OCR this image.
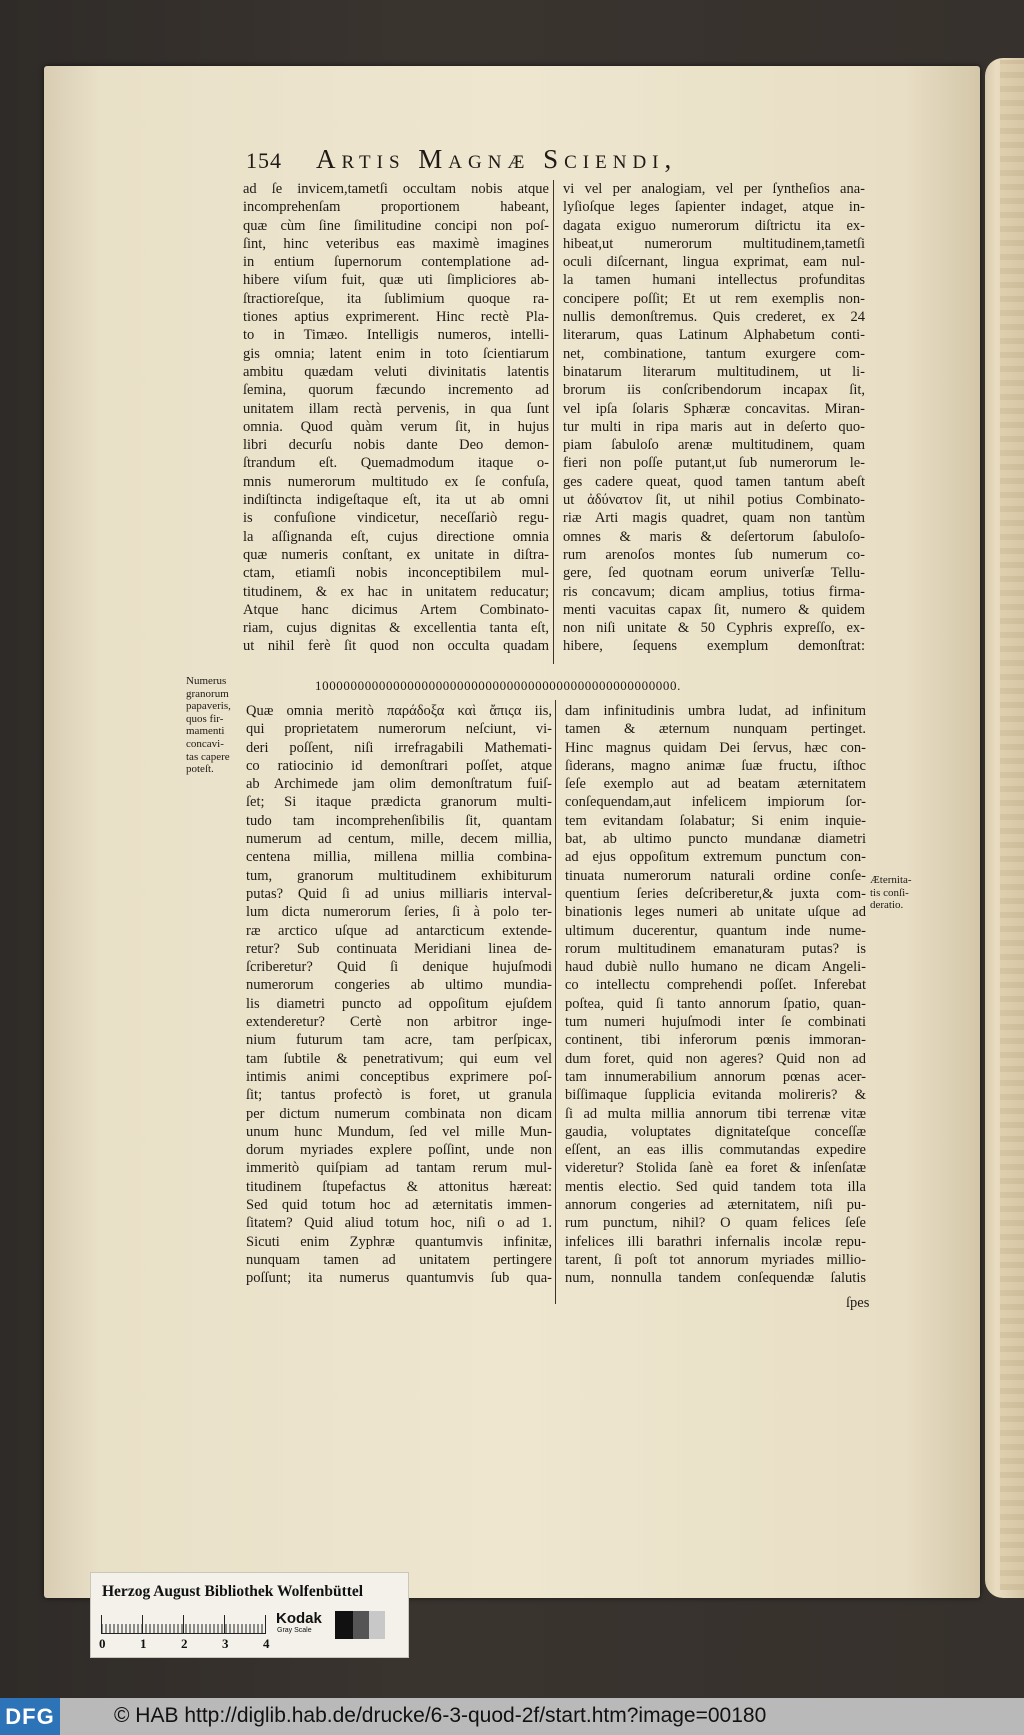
154 Artis Magnæ Sciendi,
ad ſe invicem,tametſi occultam nobis atque
incomprehenſam proportionem habeant,
quæ cùm ſine ſimilitudine concipi non poſ-
ſint, hinc veteribus eas maximè imagines
in entium ſupernorum contemplatione ad-
hibere viſum fuit, quæ uti ſimpliciores ab-
ſtractioreſque, ita ſublimium quoque ra-
tiones aptius exprimerent. Hinc rectè Pla-
to in Timæo. Intelligis numeros, intelli-
gis omnia; latent enim in toto ſcientiarum
ambitu quædam veluti divinitatis latentis
ſemina, quorum fæcundo incremento ad
unitatem illam rectà pervenis, in qua ſunt
omnia. Quod quàm verum ſit, in hujus
libri decurſu nobis dante Deo demon-
ſtrandum eſt. Quemadmodum itaque o-
mnis numerorum multitudo ex ſe confuſa,
indiſtincta indigeſtaque eſt, ita ut ab omni
is confuſione vindicetur, neceſſariò regu-
la aſſignanda eſt, cujus directione omnia
quæ numeris conſtant, ex unitate in diſtra-
ctam, etiamſi nobis inconceptibilem mul-
titudinem, & ex hac in unitatem reducatur;
Atque hanc dicimus Artem Combinato-
riam, cujus dignitas & excellentia tanta eſt,
ut nihil ferè ſit quod non occulta quadam
vi vel per analogiam, vel per ſyntheſios ana-
lyſioſque leges ſapienter indaget, atque in-
dagata exiguo numerorum diſtrictu ita ex-
hibeat,ut numerorum multitudinem,tametſi
oculi diſcernant, lingua exprimat, eam nul-
la tamen humani intellectus profunditas
concipere poſſit; Et ut rem exemplis non-
nullis demonſtremus. Quis crederet, ex 24
literarum, quas Latinum Alphabetum conti-
net, combinatione, tantum exurgere com-
binatarum literarum multitudinem, ut li-
brorum iis conſcribendorum incapax ſit,
vel ipſa ſolaris Sphæræ concavitas. Miran-
tur multi in ripa maris aut in deſerto quo-
piam ſabuloſo arenæ multitudinem, quam
fieri non poſſe putant,ut ſub numerorum le-
ges cadere queat, quod tamen tantum abeſt
ut ἀδύνατον ſit, ut nihil potius Combinato-
riæ Arti magis quadret, quam non tantùm
omnes & maris & deſertorum ſabuloſo-
rum arenoſos montes ſub numerum co-
gere, ſed quotnam eorum univerſæ Tellu-
ris concavum; dicam amplius, totius firma-
menti vacuitas capax ſit, numero & quidem
non niſi unitate & 50 Cyphris expreſſo, ex-
hibere, ſequens exemplum demonſtrat:
100000000000000000000000000000000000000000000000000.
Numerus
granorum
papaveris,
quos fir-
mamenti
concavi-
tas capere
poteſt.
Quæ omnia meritò παράδοξα καὶ ἄπιςα iis,
qui proprietatem numerorum neſciunt, vi-
deri poſſent, niſi irrefragabili Mathemati-
co ratiocinio id demonſtrari poſſet, atque
ab Archimede jam olim demonſtratum fuiſ-
ſet; Si itaque prædicta granorum multi-
tudo tam incomprehenſibilis ſit, quantam
numerum ad centum, mille, decem millia,
centena millia, millena millia combina-
tum, granorum multitudinem exhibiturum
putas? Quid ſi ad unius milliaris interval-
lum dicta numerorum ſeries, ſi à polo ter-
ræ arctico uſque ad antarcticum extende-
retur? Sub continuata Meridiani linea de-
ſcriberetur? Quid ſi denique hujuſmodi
numerorum congeries ab ultimo mundia-
lis diametri puncto ad oppoſitum ejuſdem
extenderetur? Certè non arbitror inge-
nium futurum tam acre, tam perſpicax,
tam ſubtile & penetrativum; qui eum vel
intimis animi conceptibus exprimere poſ-
ſit; tantus profectò is foret, ut granula
per dictum numerum combinata non dicam
unum hunc Mundum, ſed vel mille Mun-
dorum myriades explere poſſint, unde non
immeritò quiſpiam ad tantam rerum mul-
titudinem ſtupefactus & attonitus hæreat:
Sed quid totum hoc ad æternitatis immen-
ſitatem? Quid aliud totum hoc, niſi o ad 1.
Sicuti enim Zyphræ quantumvis infinitæ,
nunquam tamen ad unitatem pertingere
poſſunt; ita numerus quantumvis ſub qua-
dam infinitudinis umbra ludat, ad infinitum
tamen & æternum nunquam pertinget.
Hinc magnus quidam Dei ſervus, hæc con-
ſiderans, magno animæ ſuæ fructu, iſthoc
ſeſe exemplo aut ad beatam æternitatem
conſequendam,aut infelicem impiorum ſor-
tem evitandam ſolabatur; Si enim inquie-
bat, ab ultimo puncto mundanæ diametri
ad ejus oppoſitum extremum punctum con-
tinuata numerorum naturali ordine conſe-
quentium ſeries deſcriberetur,& juxta com-
binationis leges numeri ab unitate uſque ad
ultimum ducerentur, quantum inde nume-
rorum multitudinem emanaturam putas? is
haud dubiè nullo humano ne dicam Angeli-
co intellectu comprehendi poſſet. Inferebat
poſtea, quid ſi tanto annorum ſpatio, quan-
tum numeri hujuſmodi inter ſe combinati
continent, tibi inferorum pœnis immoran-
dum foret, quid non ageres? Quid non ad
tam innumerabilium annorum pœnas acer-
biſſimaque ſupplicia evitanda molireris? &
ſi ad multa millia annorum tibi terrenæ vitæ
gaudia, voluptates dignitateſque conceſſæ
eſſent, an eas illis commutandas expedire
videretur? Stolida ſanè ea foret & inſenſatæ
mentis electio. Sed quid tandem tota illa
annorum congeries ad æternitatem, niſi pu-
rum punctum, nihil? O quam felices ſeſe
infelices illi barathri infernalis incolæ repu-
tarent, ſi poſt tot annorum myriades millio-
num, nonnulla tandem conſequendæ ſalutis
Æternita-
tis conſi-
deratio.
ſpes
Herzog August Bibliothek Wolfenbüttel
0	1	2	3	4
Kodak
Gray Scale
DFG	© HAB http://diglib.hab.de/drucke/6-3-quod-2f/start.htm?image=00180
